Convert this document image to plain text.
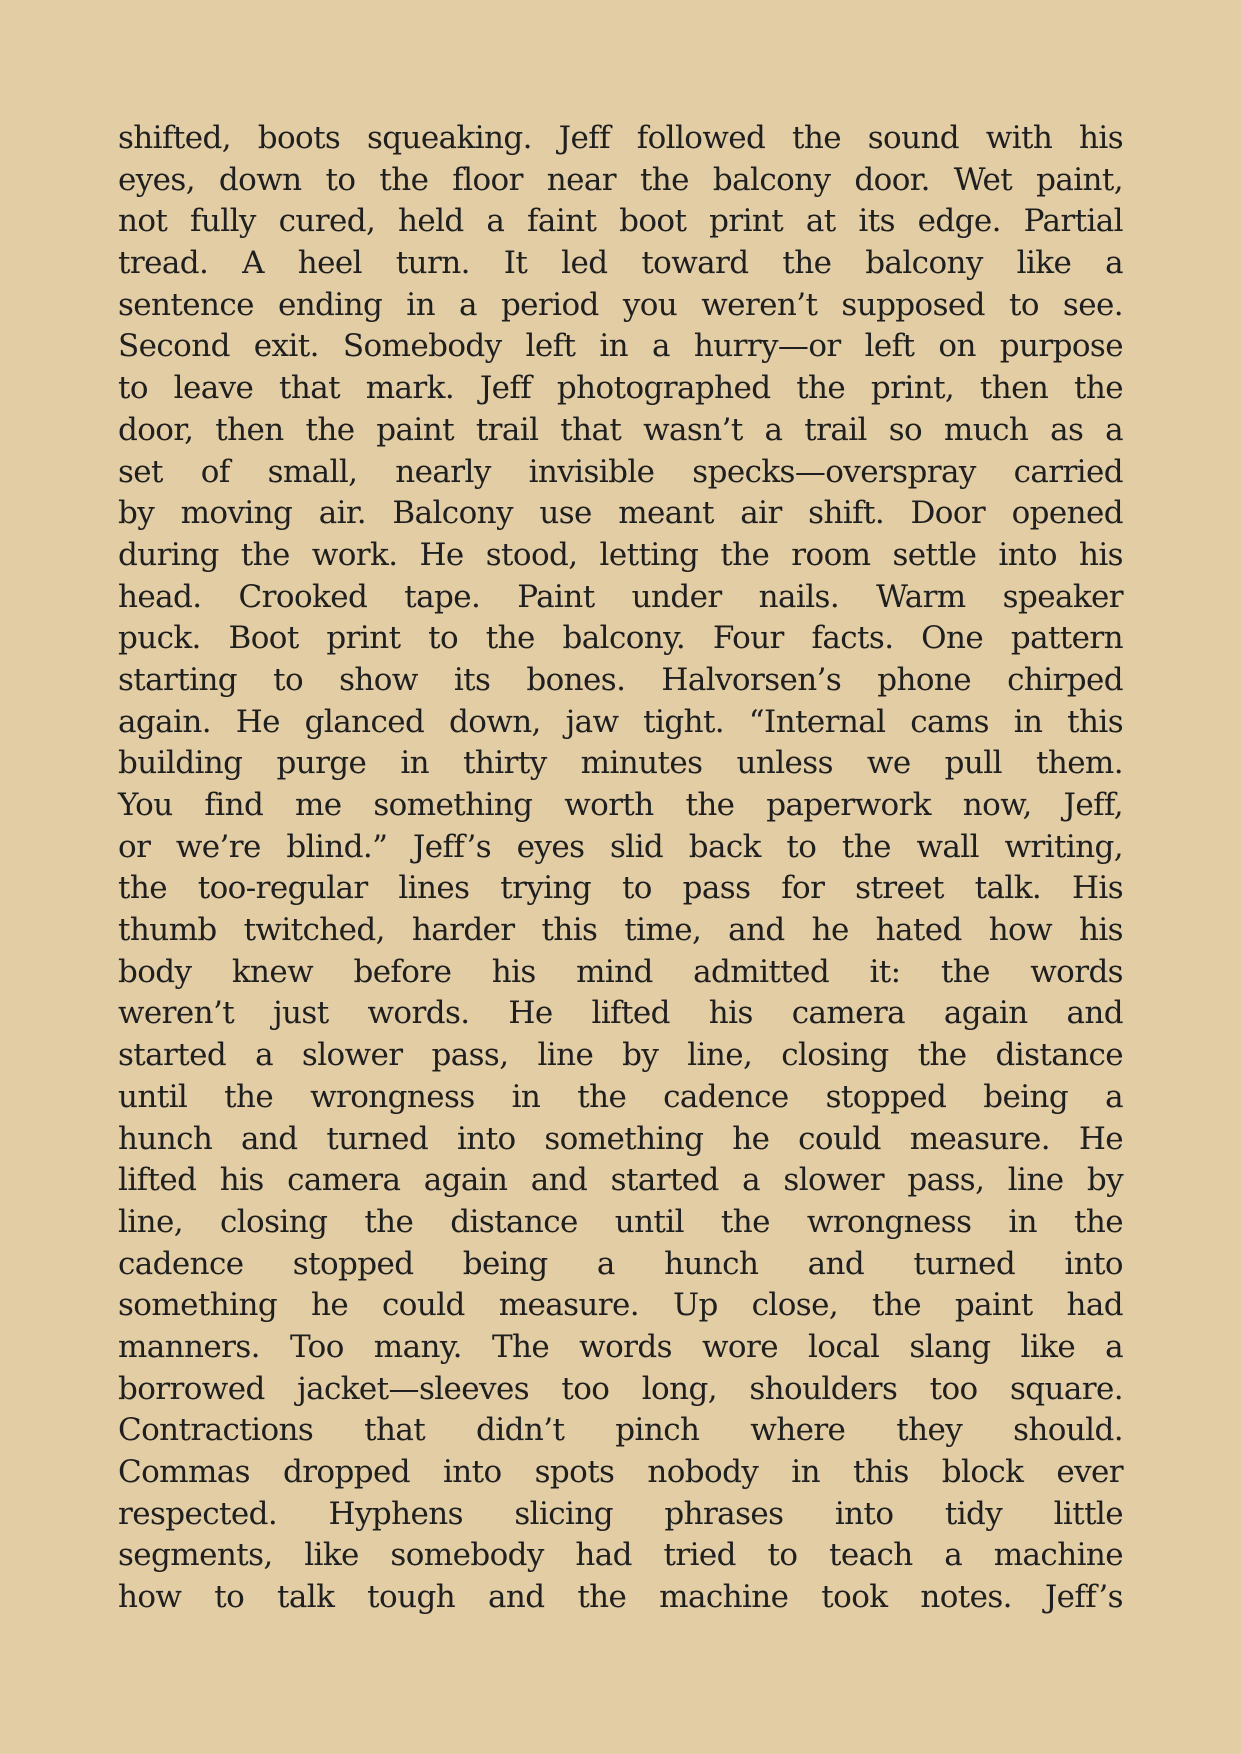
shifted, boots squeaking. Jeff followed the sound with his
eyes, down to the floor near the balcony door. Wet paint,
not fully cured, held a faint boot print at its edge. Partial
tread. A heel turn. It led toward the balcony like a
sentence ending in a period you weren’t supposed to see.
Second exit. Somebody left in a hurry—or left on purpose
to leave that mark. Jeff photographed the print, then the
door, then the paint trail that wasn’t a trail so much as a
set of small, nearly invisible specks—overspray carried
by moving air. Balcony use meant air shift. Door opened
during the work. He stood, letting the room settle into his
head. Crooked tape. Paint under nails. Warm speaker
puck. Boot print to the balcony. Four facts. One pattern
starting to show its bones. Halvorsen’s phone chirped
again. He glanced down, jaw tight. “Internal cams in this
building purge in thirty minutes unless we pull them.
You find me something worth the paperwork now, Jeff,
or we’re blind.” Jeff’s eyes slid back to the wall writing,
the too-regular lines trying to pass for street talk. His
thumb twitched, harder this time, and he hated how his
body knew before his mind admitted it: the words
weren’t just words. He lifted his camera again and
started a slower pass, line by line, closing the distance
until the wrongness in the cadence stopped being a
hunch and turned into something he could measure. He
lifted his camera again and started a slower pass, line by
line, closing the distance until the wrongness in the
cadence stopped being a hunch and turned into
something he could measure. Up close, the paint had
manners. Too many. The words wore local slang like a
borrowed jacket—sleeves too long, shoulders too square.
Contractions that didn’t pinch where they should.
Commas dropped into spots nobody in this block ever
respected. Hyphens slicing phrases into tidy little
segments, like somebody had tried to teach a machine
how to talk tough and the machine took notes. Jeff’s
